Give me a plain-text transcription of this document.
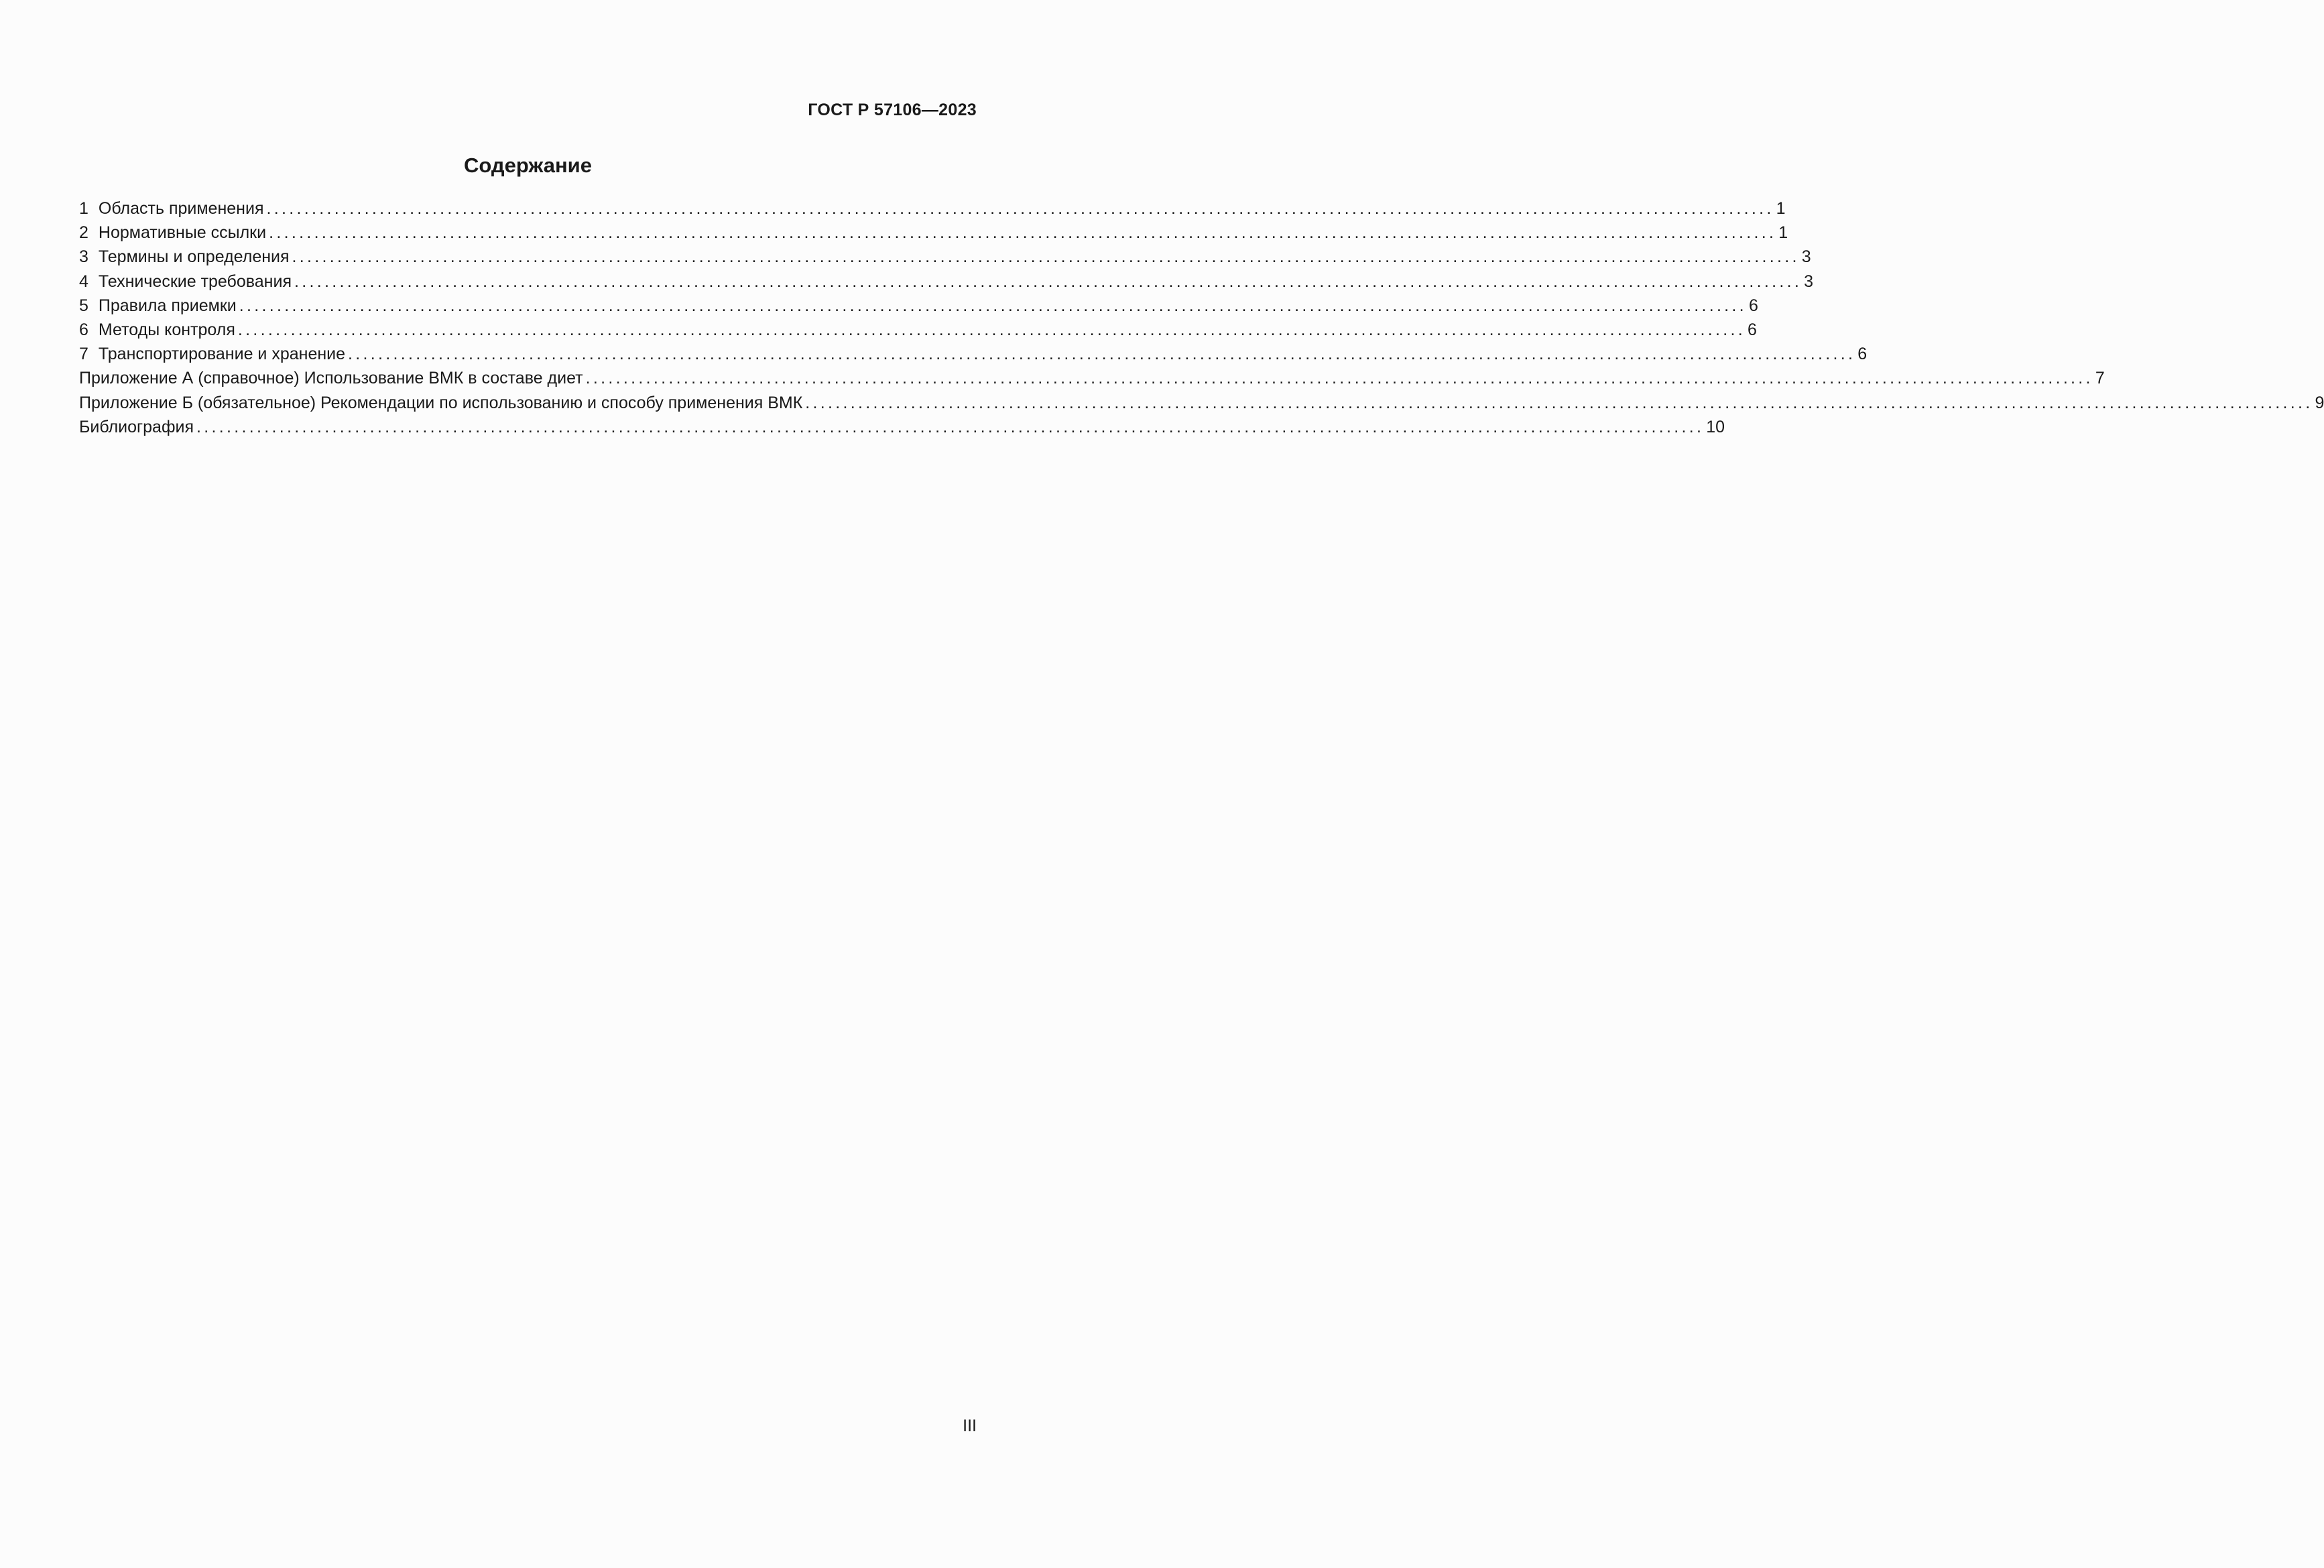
ГОСТ Р 57106—2023
Содержание
1 Область применения ........................................................................................................................................................................................................ 1
2 Нормативные ссылки ........................................................................................................................................................................................................ 1
3 Термины и определения ........................................................................................................................................................................................................ 3
4 Технические требования ........................................................................................................................................................................................................ 3
5 Правила приемки ........................................................................................................................................................................................................ 6
6 Методы контроля ........................................................................................................................................................................................................ 6
7 Транспортирование и хранение ........................................................................................................................................................................................................ 6
Приложение А (справочное) Использование ВМК в составе диет ........................................................................................................................................................................................................ 7
Приложение Б (обязательное) Рекомендации по использованию и способу применения ВМК ........................................................................................................................................................................................................ 9
Библиография ........................................................................................................................................................................................................ 10
III
